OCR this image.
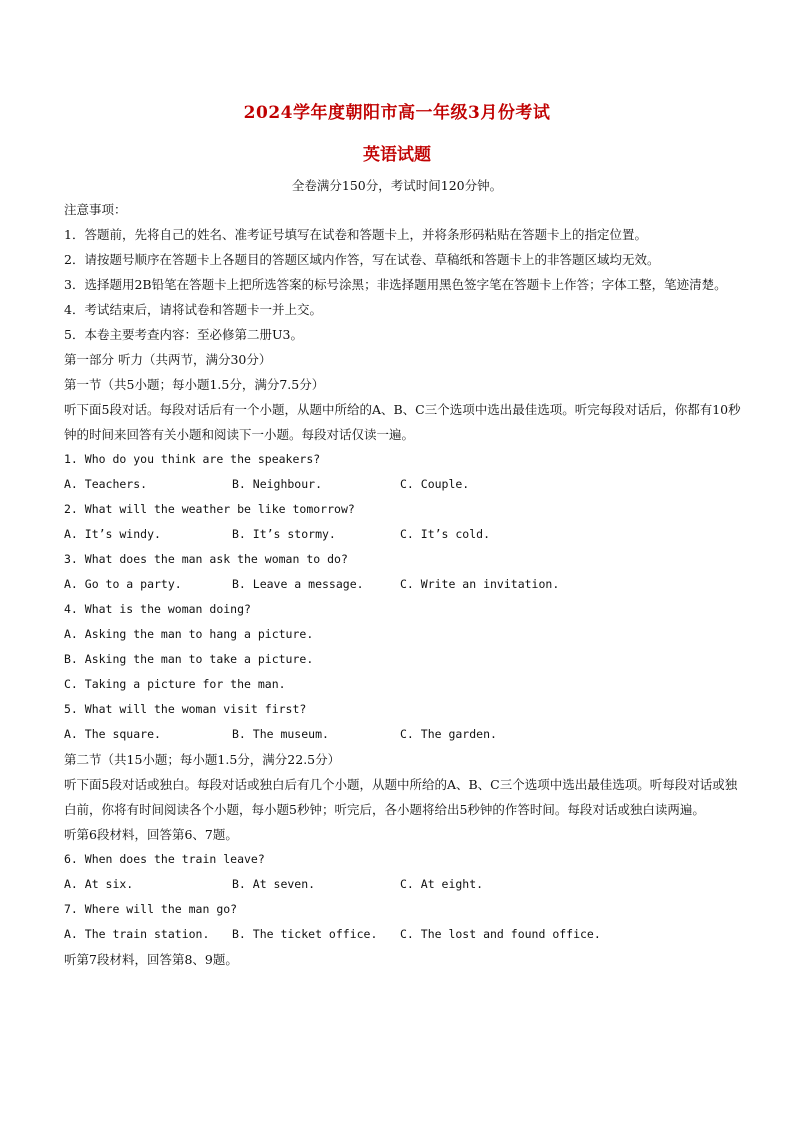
2024学年度朝阳市高一年级3月份考试
英语试题
全卷满分150分，考试时间120分钟。
注意事项：
1．答题前，先将自己的姓名、准考证号填写在试卷和答题卡上，并将条形码粘贴在答题卡上的指定位置。
2．请按题号顺序在答题卡上各题目的答题区域内作答，写在试卷、草稿纸和答题卡上的非答题区域均无效。
3．选择题用2B铅笔在答题卡上把所选答案的标号涂黑；非选择题用黑色签字笔在答题卡上作答；字体工整，笔迹清楚。
4．考试结束后，请将试卷和答题卡一并上交。
5．本卷主要考查内容：至必修第二册U3。
第一部分 听力（共两节，满分30分）
第一节（共5小题；每小题1.5分，满分7.5分）
听下面5段对话。每段对话后有一个小题，从题中所给的A、B、C三个选项中选出最佳选项。听完每段对话后，你都有10秒钟的时间来回答有关小题和阅读下一小题。每段对话仅读一遍。
1. Who do you think are the speakers?
A. Teachers.	B. Neighbour.	C. Couple.
2. What will the weather be like tomorrow?
A. It’s windy.	B. It’s stormy.	C. It’s cold.
3. What does the man ask the woman to do?
A. Go to a party.	B. Leave a message.	C. Write an invitation.
4. What is the woman doing?
A. Asking the man to hang a picture.
B. Asking the man to take a picture.
C. Taking a picture for the man.
5. What will the woman visit first?
A. The square.	B. The museum.	C. The garden.
第二节（共15小题；每小题1.5分，满分22.5分）
听下面5段对话或独白。每段对话或独白后有几个小题，从题中所给的A、B、C三个选项中选出最佳选项。听每段对话或独白前，你将有时间阅读各个小题，每小题5秒钟；听完后，各小题将给出5秒钟的作答时间。每段对话或独白读两遍。
听第6段材料，回答第6、7题。
6. When does the train leave?
A. At six.	B. At seven.	C. At eight.
7. Where will the man go?
A. The train station. B. The ticket office. C. The lost and found office.
听第7段材料，回答第8、9题。
